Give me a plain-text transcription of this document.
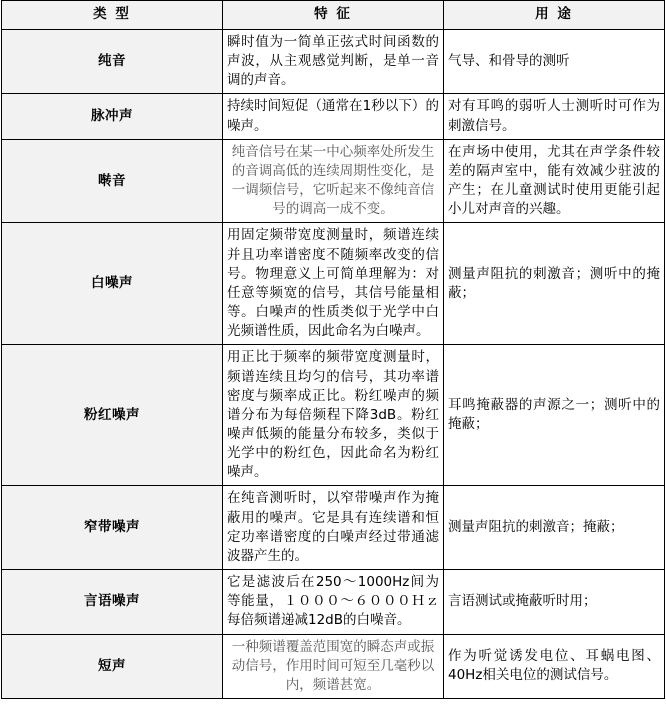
类 型	特 征	用 途
纯音	瞬时值为一简单正弦式时间函数的声波，从主观感觉判断，是单一音调的声音。	气导、和骨导的测听
脉冲声	持续时间短促（通常在1秒以下）的噪声。	对有耳鸣的弱听人士测听时可作为刺激信号。
啭音	纯音信号在某一中心频率处所发生的音调高低的连续周期性变化，是一调频信号，它听起来不像纯音信号的调高一成不变。	在声场中使用，尤其在声学条件较差的隔声室中，能有效减少驻波的产生；在儿童测试时使用更能引起小儿对声音的兴趣。
白噪声	用固定频带宽度测量时，频谱连续并且功率谱密度不随频率改变的信号。物理意义上可简单理解为：对任意等频宽的信号，其信号能量相等。白噪声的性质类似于光学中白光频谱性质，因此命名为白噪声。	测量声阻抗的刺激音；测听中的掩蔽；
粉红噪声	用正比于频率的频带宽度测量时，频谱连续且均匀的信号，其功率谱密度与频率成正比。粉红噪声的频谱分布为每倍频程下降3dB。粉红噪声低频的能量分布较多，类似于光学中的粉红色，因此命名为粉红噪声。	耳鸣掩蔽器的声源之一；测听中的掩蔽；
窄带噪声	在纯音测听时，以窄带噪声作为掩蔽用的噪声。它是具有连续谱和恒定功率谱密度的白噪声经过带通滤波器产生的。	测量声阻抗的刺激音；掩蔽；
言语噪声	它是滤波后在250～1000Hz间为等能量，１０００～６０００Ｈｚ每倍频谱递减12dB的白噪音。	言语测试或掩蔽听时用；
短声	一种频谱覆盖范围宽的瞬态声或振动信号，作用时间可短至几毫秒以内，频谱甚宽。	作为听觉诱发电位、耳蜗电图、40Hz相关电位的测试信号。
